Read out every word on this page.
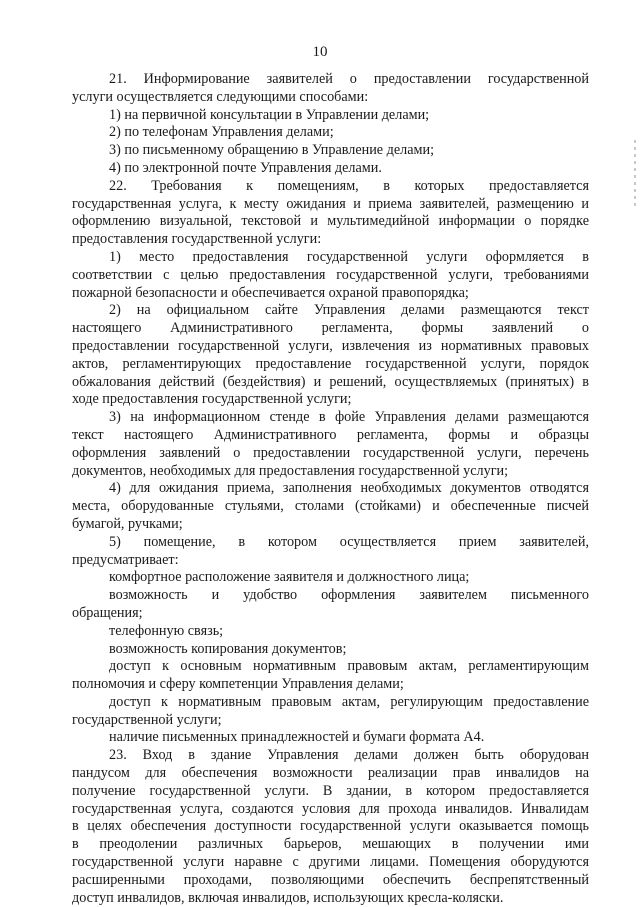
10
21. Информирование заявителей о предоставлении государственной
услуги осуществляется следующими способами:
1) на первичной консультации в Управлении делами;
2) по телефонам Управления делами;
3) по письменному обращению в Управление делами;
4) по электронной почте Управления делами.
22. Требования к помещениям, в которых предоставляется
государственная услуга, к месту ожидания и приема заявителей, размещению и
оформлению визуальной, текстовой и мультимедийной информации о порядке
предоставления государственной услуги:
1) место предоставления государственной услуги оформляется в
соответствии с целью предоставления государственной услуги, требованиями
пожарной безопасности и обеспечивается охраной правопорядка;
2) на официальном сайте Управления делами размещаются текст
настоящего Административного регламента, формы заявлений о
предоставлении государственной услуги, извлечения из нормативных правовых
актов, регламентирующих предоставление государственной услуги, порядок
обжалования действий (бездействия) и решений, осуществляемых (принятых) в
ходе предоставления государственной услуги;
3) на информационном стенде в фойе Управления делами размещаются
текст настоящего Административного регламента, формы и образцы
оформления заявлений о предоставлении государственной услуги, перечень
документов, необходимых для предоставления государственной услуги;
4) для ожидания приема, заполнения необходимых документов отводятся
места, оборудованные стульями, столами (стойками) и обеспеченные писчей
бумагой, ручками;
5) помещение, в котором осуществляется прием заявителей,
предусматривает:
комфортное расположение заявителя и должностного лица;
возможность и удобство оформления заявителем письменного
обращения;
телефонную связь;
возможность копирования документов;
доступ к основным нормативным правовым актам, регламентирующим
полномочия и сферу компетенции Управления делами;
доступ к нормативным правовым актам, регулирующим предоставление
государственной услуги;
наличие письменных принадлежностей и бумаги формата А4.
23. Вход в здание Управления делами должен быть оборудован
пандусом для обеспечения возможности реализации прав инвалидов на
получение государственной услуги. В здании, в котором предоставляется
государственная услуга, создаются условия для прохода инвалидов. Инвалидам
в целях обеспечения доступности государственной услуги оказывается помощь
в преодолении различных барьеров, мешающих в получении ими
государственной услуги наравне с другими лицами. Помещения оборудуются
расширенными проходами, позволяющими обеспечить беспрепятственный
доступ инвалидов, включая инвалидов, использующих кресла-коляски.
